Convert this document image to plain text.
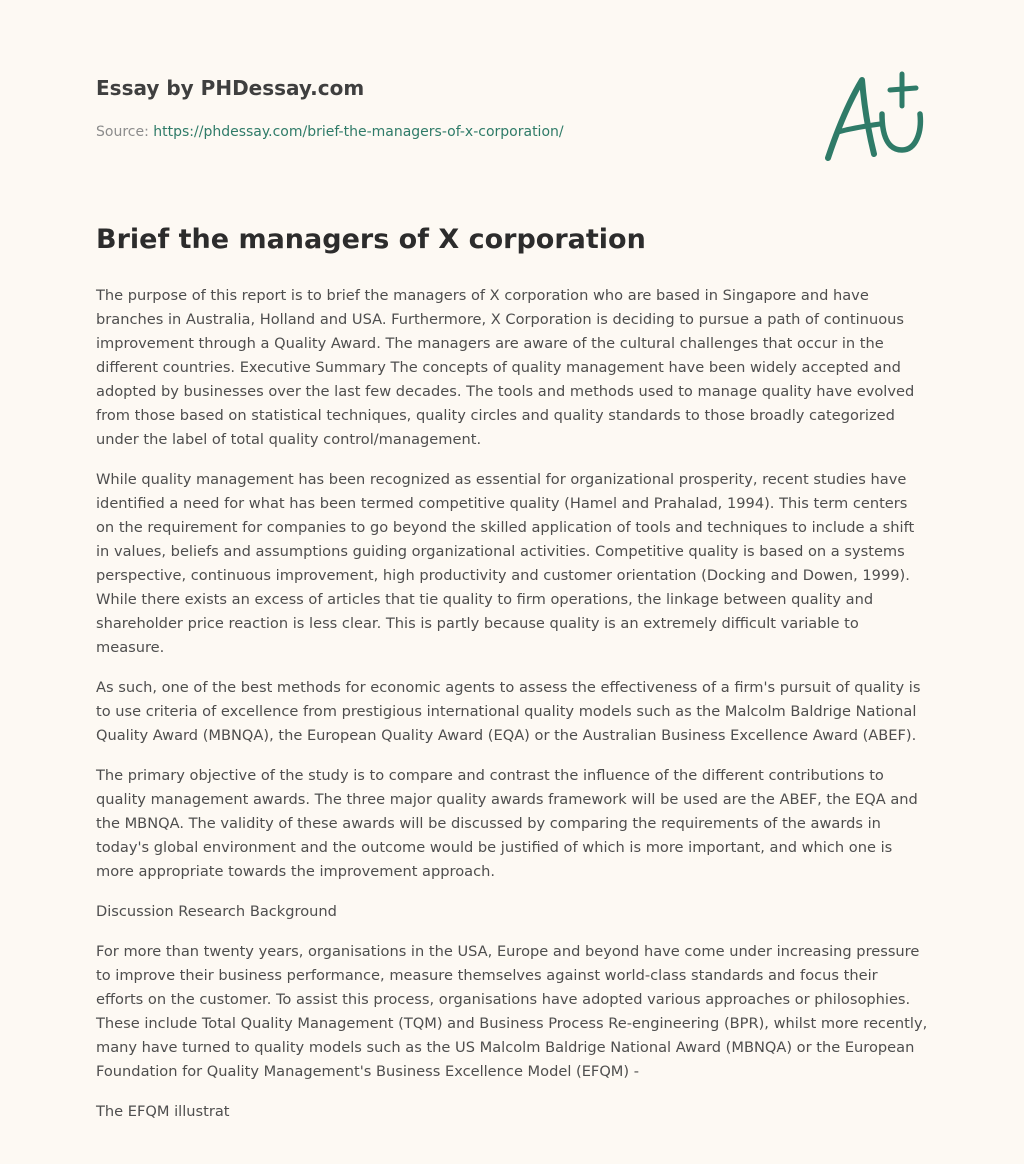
Essay by PHDessay.com
Source: https://phdessay.com/brief-the-managers-of-x-corporation/
Brief the managers of X corporation

The purpose of this report is to brief the managers of X corporation who are based in Singapore and have branches in Australia, Holland and USA. Furthermore, X Corporation is deciding to pursue a path of continuous improvement through a Quality Award. The managers are aware of the cultural challenges that occur in the different countries. Executive Summary The concepts of quality management have been widely accepted and adopted by businesses over the last few decades. The tools and methods used to manage quality have evolved from those based on statistical techniques, quality circles and quality standards to those broadly categorized under the label of total quality control/management.

While quality management has been recognized as essential for organizational prosperity, recent studies have identified a need for what has been termed competitive quality (Hamel and Prahalad, 1994). This term centers on the requirement for companies to go beyond the skilled application of tools and techniques to include a shift in values, beliefs and assumptions guiding organizational activities. Competitive quality is based on a systems perspective, continuous improvement, high productivity and customer orientation (Docking and Dowen, 1999). While there exists an excess of articles that tie quality to firm operations, the linkage between quality and shareholder price reaction is less clear. This is partly because quality is an extremely difficult variable to measure.

As such, one of the best methods for economic agents to assess the effectiveness of a firm's pursuit of quality is to use criteria of excellence from prestigious international quality models such as the Malcolm Baldrige National Quality Award (MBNQA), the European Quality Award (EQA) or the Australian Business Excellence Award (ABEF).

The primary objective of the study is to compare and contrast the influence of the different contributions to quality management awards. The three major quality awards framework will be used are the ABEF, the EQA and the MBNQA. The validity of these awards will be discussed by comparing the requirements of the awards in today's global environment and the outcome would be justified of which is more important, and which one is more appropriate towards the improvement approach.

Discussion Research Background

For more than twenty years, organisations in the USA, Europe and beyond have come under increasing pressure to improve their business performance, measure themselves against world-class standards and focus their efforts on the customer. To assist this process, organisations have adopted various approaches or philosophies. These include Total Quality Management (TQM) and Business Process Re-engineering (BPR), whilst more recently, many have turned to quality models such as the US Malcolm Baldrige National Award (MBNQA) or the European Foundation for Quality Management's Business Excellence Model (EFQM) -

The EFQM illustrat
